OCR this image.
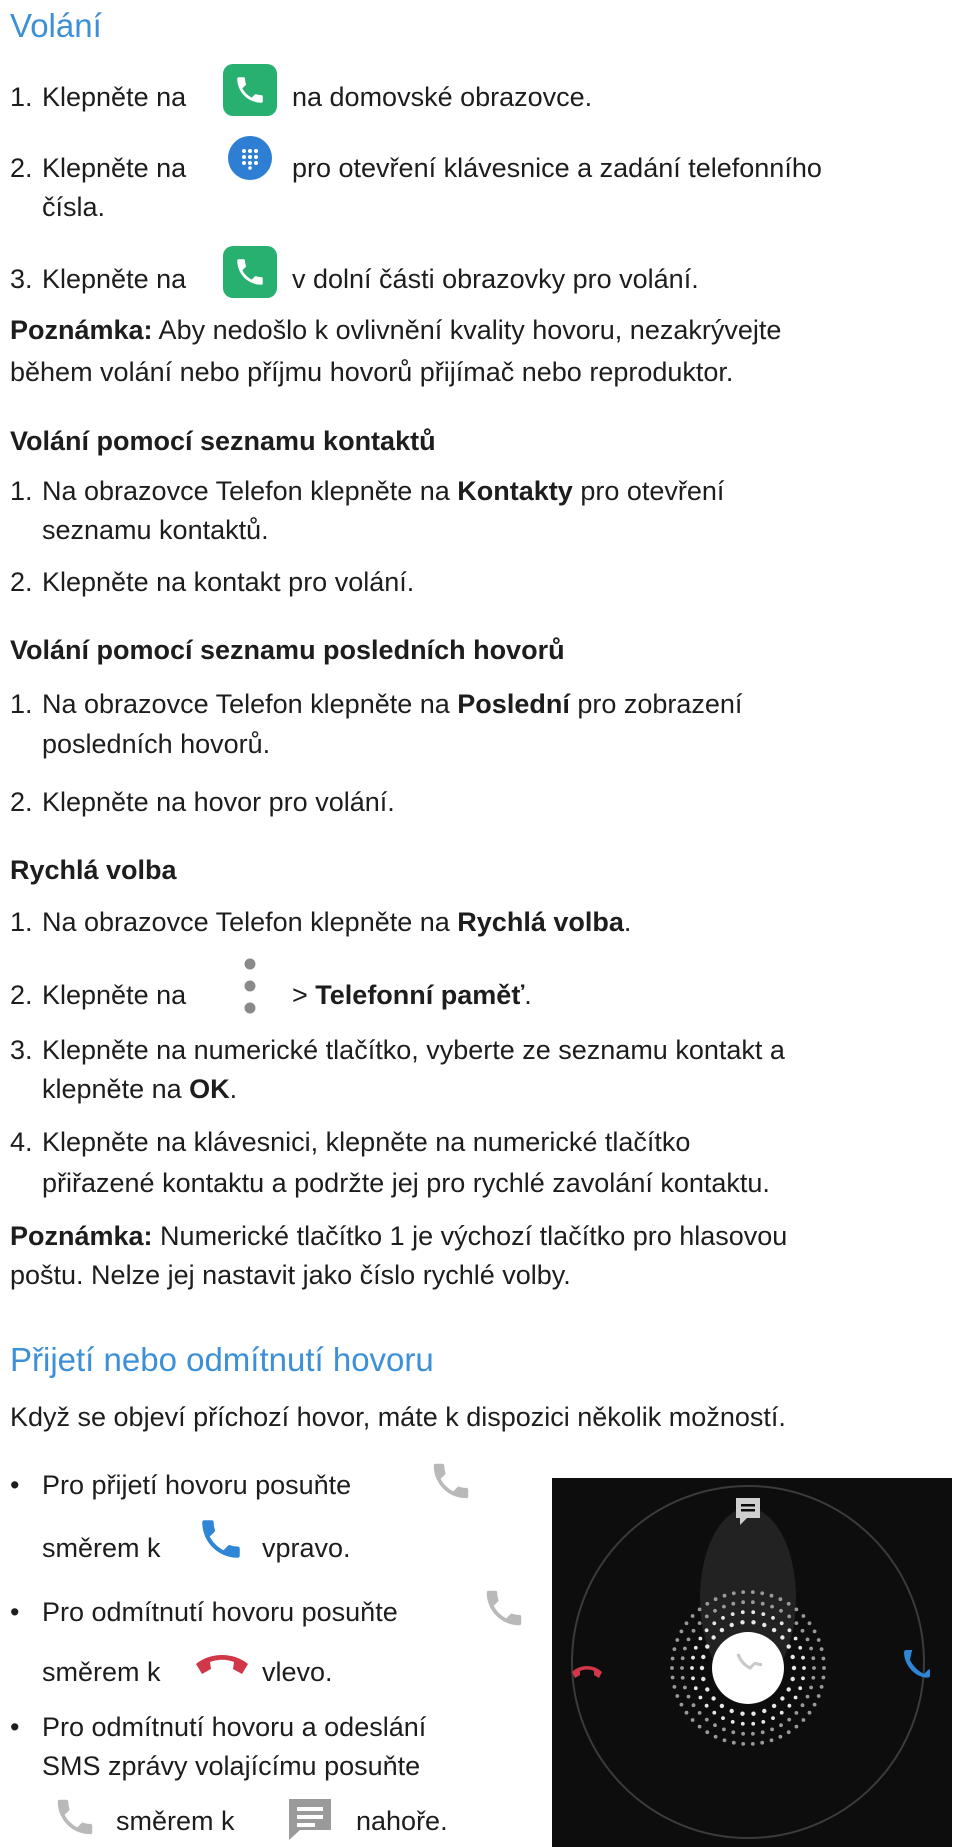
Volání
1. Klepněte na	na domovské obrazovce.
2. Klepněte na	pro otevření klávesnice a zadání telefonního
čísla.
3. Klepněte na	v dolní části obrazovky pro volání.
Poznámka: Aby nedošlo k ovlivnění kvality hovoru, nezakrývejte
během volání nebo příjmu hovorů přijímač nebo reproduktor.
Volání pomocí seznamu kontaktů
1. Na obrazovce Telefon klepněte na Kontakty pro otevření
seznamu kontaktů.
2. Klepněte na kontakt pro volání.
Volání pomocí seznamu posledních hovorů
1. Na obrazovce Telefon klepněte na Poslední pro zobrazení
posledních hovorů.
2. Klepněte na hovor pro volání.
Rychlá volba
1. Na obrazovce Telefon klepněte na Rychlá volba.
2. Klepněte na	> Telefonní paměť.
3. Klepněte na numerické tlačítko, vyberte ze seznamu kontakt a
klepněte na OK.
4. Klepněte na klávesnici, klepněte na numerické tlačítko
přiřazené kontaktu a podržte jej pro rychlé zavolání kontaktu.
Poznámka: Numerické tlačítko 1 je výchozí tlačítko pro hlasovou
poštu. Nelze jej nastavit jako číslo rychlé volby.
Přijetí nebo odmítnutí hovoru
Když se objeví příchozí hovor, máte k dispozici několik možností.
• Pro přijetí hovoru posuňte
směrem k	vpravo.
• Pro odmítnutí hovoru posuňte
směrem k	vlevo.
• Pro odmítnutí hovoru a odeslání
SMS zprávy volajícímu posuňte
směrem k	nahoře.
